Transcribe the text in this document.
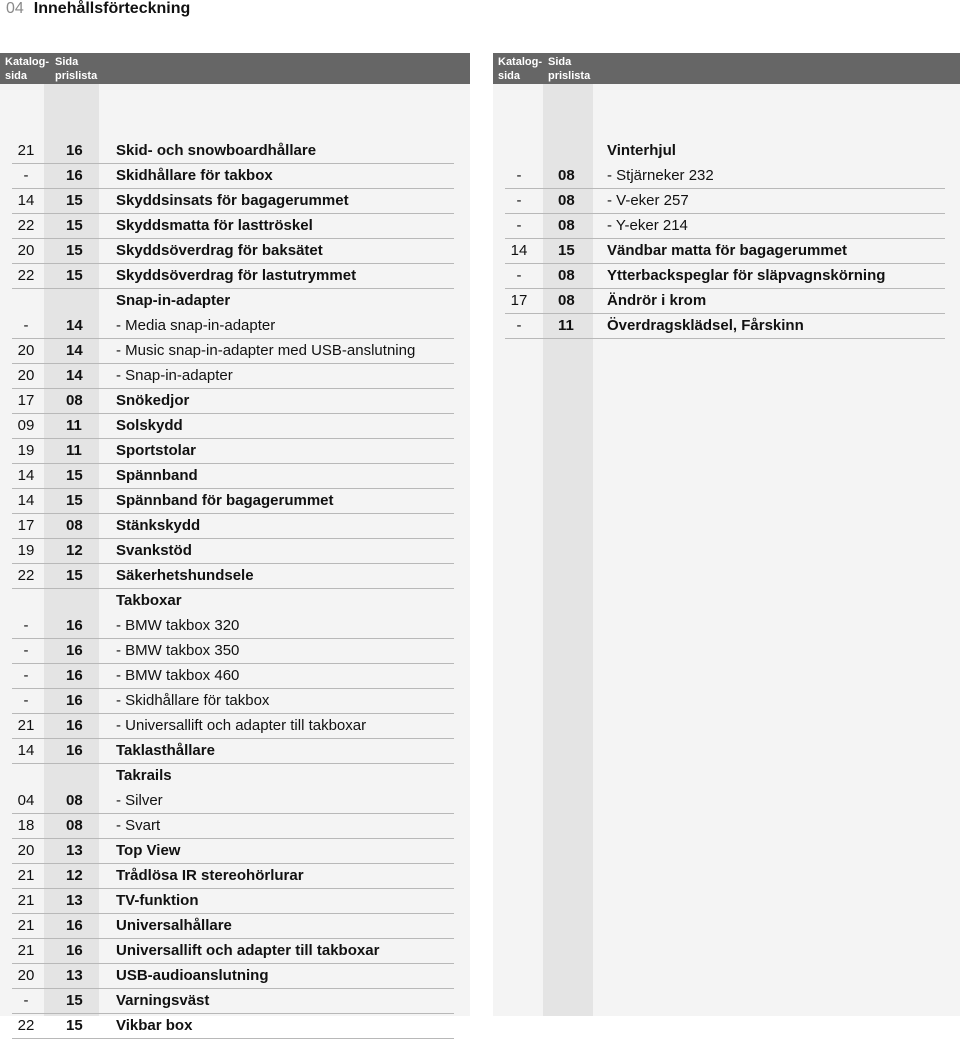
04 Innehållsförteckning
Katalog-
sida
Sida
prislista
21	16 Skid- och snowboardhållare
-	16 Skidhållare för takbox
14	15 Skyddsinsats för bagagerummet
22	15 Skyddsmatta för lasttröskel
20	15 Skyddsöverdrag för baksätet
22	15 Skyddsöverdrag för lastutrymmet
Snap-in-adapter
-	14 - Media snap-in-adapter
20	14 - Music snap-in-adapter med USB-anslutning
20	14 - Snap-in-adapter
17	08 Snökedjor
09	11 Solskydd
19	11 Sportstolar
14	15 Spännband
14	15 Spännband för bagagerummet
17	08 Stänkskydd
19	12 Svankstöd
22	15 Säkerhetshundsele
Takboxar
-	16 - BMW takbox 320
-	16 - BMW takbox 350
-	16 - BMW takbox 460
-	16 - Skidhållare för takbox
21	16 - Universallift och adapter till takboxar
14	16 Taklasthållare
Takrails
04	08 - Silver
18	08 - Svart
20	13 Top View
21	12 Trådlösa IR stereohörlurar
21	13 TV-funktion
21	16 Universalhållare
21	16 Universallift och adapter till takboxar
20	13 USB-audioanslutning
-	15 Varningsväst
22	15 Vikbar box
Katalog-
sida
Sida
prislista
Vinterhjul
-	08 - Stjärneker 232
-	08 - V-eker 257
-	08 - Y-eker 214
14	15 Vändbar matta för bagagerummet
-	08 Ytterbackspeglar för släpvagnskörning
17	08 Ändrör i krom
-	11 Överdragsklädsel, Fårskinn
